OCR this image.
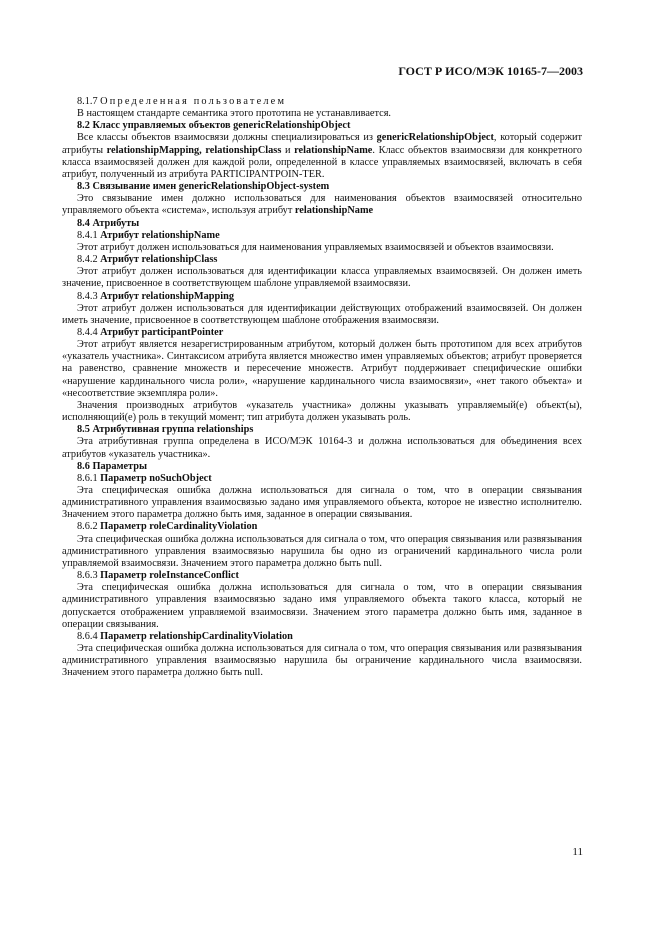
ГОСТ Р ИСО/МЭК 10165-7—2003

8.1.7 Определенная пользователем

В настоящем стандарте семантика этого прототипа не устанавливается.

8.2 Класс управляемых объектов genericRelationshipObject

Все классы объектов взаимосвязи должны специализироваться из genericRelationshipObject, который содержит атрибуты relationshipMapping, relationshipClass и relationshipName. Класс объектов взаимосвязи для конкретного класса взаимосвязей должен для каждой роли, определенной в классе управляемых взаимосвязей, включать в себя атрибут, полученный из атрибута PARTICIPANTPOIN-TER.

8.3 Связывание имен genericRelationshipObject-system

Это связывание имен должно использоваться для наименования объектов взаимосвязей относительно управляемого объекта «система», используя атрибут relationshipName

8.4 Атрибуты

8.4.1 Атрибут relationshipName

Этот атрибут должен использоваться для наименования управляемых взаимосвязей и объектов взаимосвязи.

8.4.2 Атрибут relationshipClass

Этот атрибут должен использоваться для идентификации класса управляемых взаимосвязей. Он должен иметь значение, присвоенное в соответствующем шаблоне управляемой взаимосвязи.

8.4.3 Атрибут relationshipMapping

Этот атрибут должен использоваться для идентификации действующих отображений взаимосвязей. Он должен иметь значение, присвоенное в соответствующем шаблоне отображения взаимосвязи.

8.4.4 Атрибут participantPointer

Этот атрибут является незарегистрированным атрибутом, который должен быть прототипом для всех атрибутов «указатель участника». Синтаксисом атрибута является множество имен управляемых объектов; атрибут проверяется на равенство, сравнение множеств и пересечение множеств. Атрибут поддерживает специфические ошибки «нарушение кардинального числа роли», «нарушение кардинального числа взаимосвязи», «нет такого объекта» и «несоответствие экземпляра роли».

Значения производных атрибутов «указатель участника» должны указывать управляемый(е) объект(ы), исполняющий(е) роль в текущий момент; тип атрибута должен указывать роль.

8.5 Атрибутивная группа relationships

Эта атрибутивная группа определена в ИСО/МЭК 10164-3 и должна использоваться для объединения всех атрибутов «указатель участника».

8.6 Параметры

8.6.1 Параметр noSuchObject

Эта специфическая ошибка должна использоваться для сигнала о том, что в операции связывания административного управления взаимосвязью задано имя управляемого объекта, которое не известно исполнителю. Значением этого параметра должно быть имя, заданное в операции связывания.

8.6.2 Параметр roleCardinalityViolation

Эта специфическая ошибка должна использоваться для сигнала о том, что операция связывания или развязывания административного управления взаимосвязью нарушила бы одно из ограничений кардинального числа роли управляемой взаимосвязи. Значением этого параметра должно быть null.

8.6.3 Параметр roleInstanceConflict

Эта специфическая ошибка должна использоваться для сигнала о том, что в операции связывания административного управления взаимосвязью задано имя управляемого объекта такого класса, который не допускается отображением управляемой взаимосвязи. Значением этого параметра должно быть имя, заданное в операции связывания.

8.6.4 Параметр relationshipCardinalityViolation

Эта специфическая ошибка должна использоваться для сигнала о том, что операция связывания или развязывания административного управления взаимосвязью нарушила бы ограничение кардинального числа взаимосвязи. Значением этого параметра должно быть null.

11
